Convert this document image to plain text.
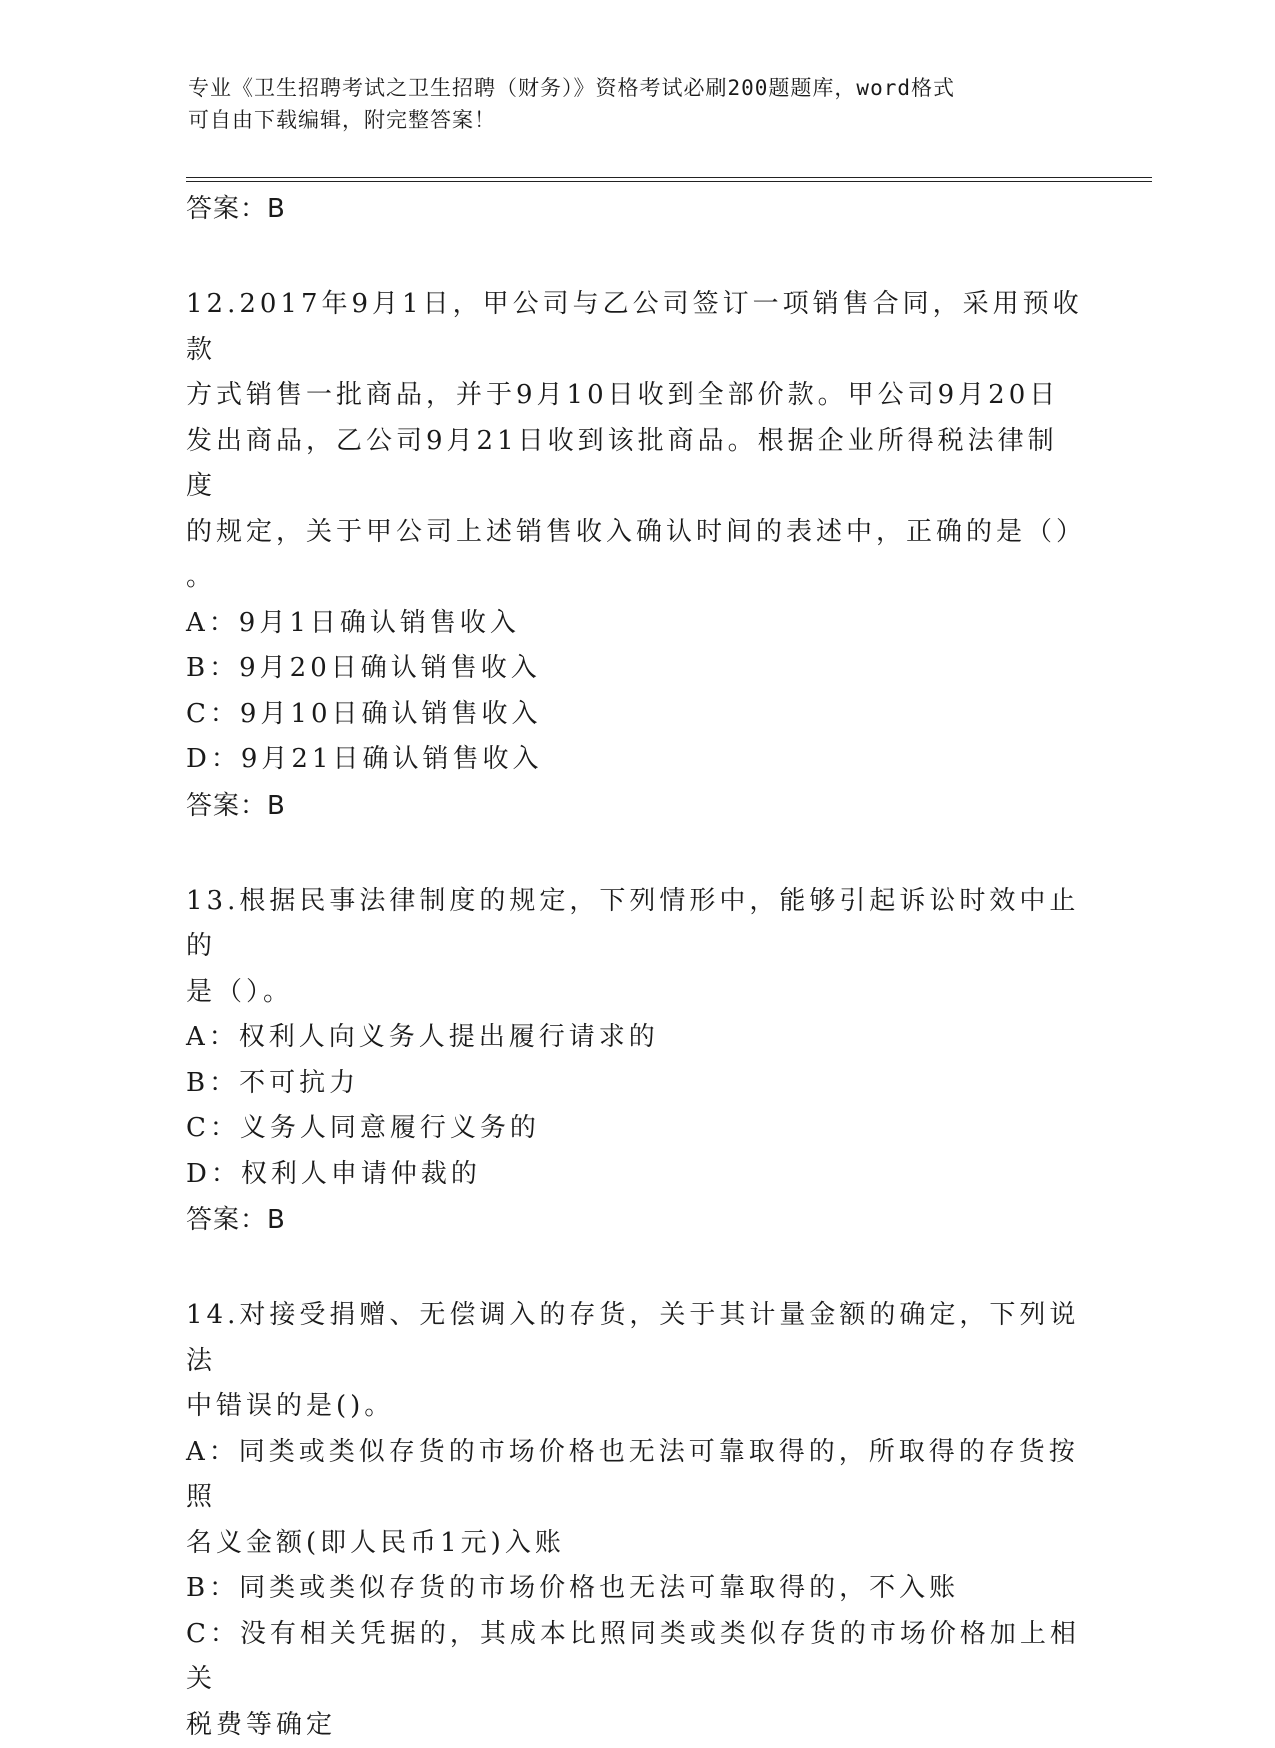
专业《卫生招聘考试之卫生招聘（财务）》资格考试必刷200题题库，word格式
可自由下载编辑，附完整答案！
答案：B

12.2017年9月1日，甲公司与乙公司签订一项销售合同，采用预收款
方式销售一批商品，并于9月10日收到全部价款。甲公司9月20日
发出商品，乙公司9月21日收到该批商品。根据企业所得税法律制度
的规定，关于甲公司上述销售收入确认时间的表述中，正确的是（）
。

A：9月1日确认销售收入

B：9月20日确认销售收入

C：9月10日确认销售收入

D：9月21日确认销售收入

答案：B

13.根据民事法律制度的规定，下列情形中，能够引起诉讼时效中止的
是（）。

A：权利人向义务人提出履行请求的

B：不可抗力

C：义务人同意履行义务的

D：权利人申请仲裁的

答案：B

14.对接受捐赠、无偿调入的存货，关于其计量金额的确定，下列说法
中错误的是()。

A：同类或类似存货的市场价格也无法可靠取得的，所取得的存货按照
名义金额(即人民币1元)入账

B：同类或类似存货的市场价格也无法可靠取得的，不入账

C：没有相关凭据的，其成本比照同类或类似存货的市场价格加上相关
税费等确定
